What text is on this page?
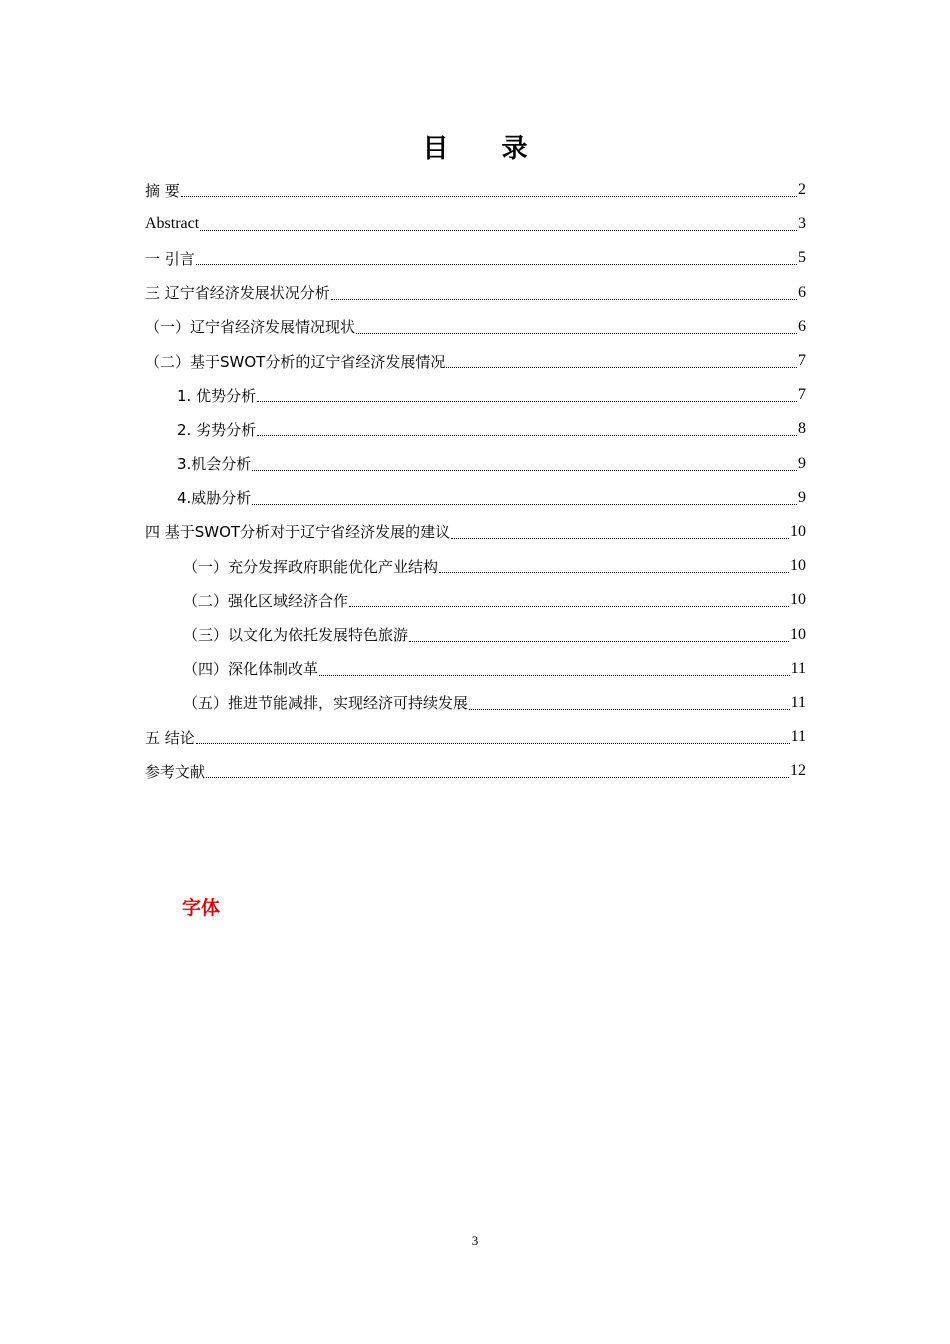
目 录
摘 要	2
Abstract	3
一 引言	5
三 辽宁省经济发展状况分析	6
（一）辽宁省经济发展情况现状	6
（二）基于SWOT分析的辽宁省经济发展情况	7
1. 优势分析	7
2. 劣势分析	8
3.机会分析	9
4.威胁分析	9
四 基于SWOT分析对于辽宁省经济发展的建议	10
（一）充分发挥政府职能优化产业结构	10
（二）强化区域经济合作	10
（三）以文化为依托发展特色旅游	10
（四）深化体制改革	11
（五）推进节能减排，实现经济可持续发展	11
五 结论	11
参考文献	12
字体
3
